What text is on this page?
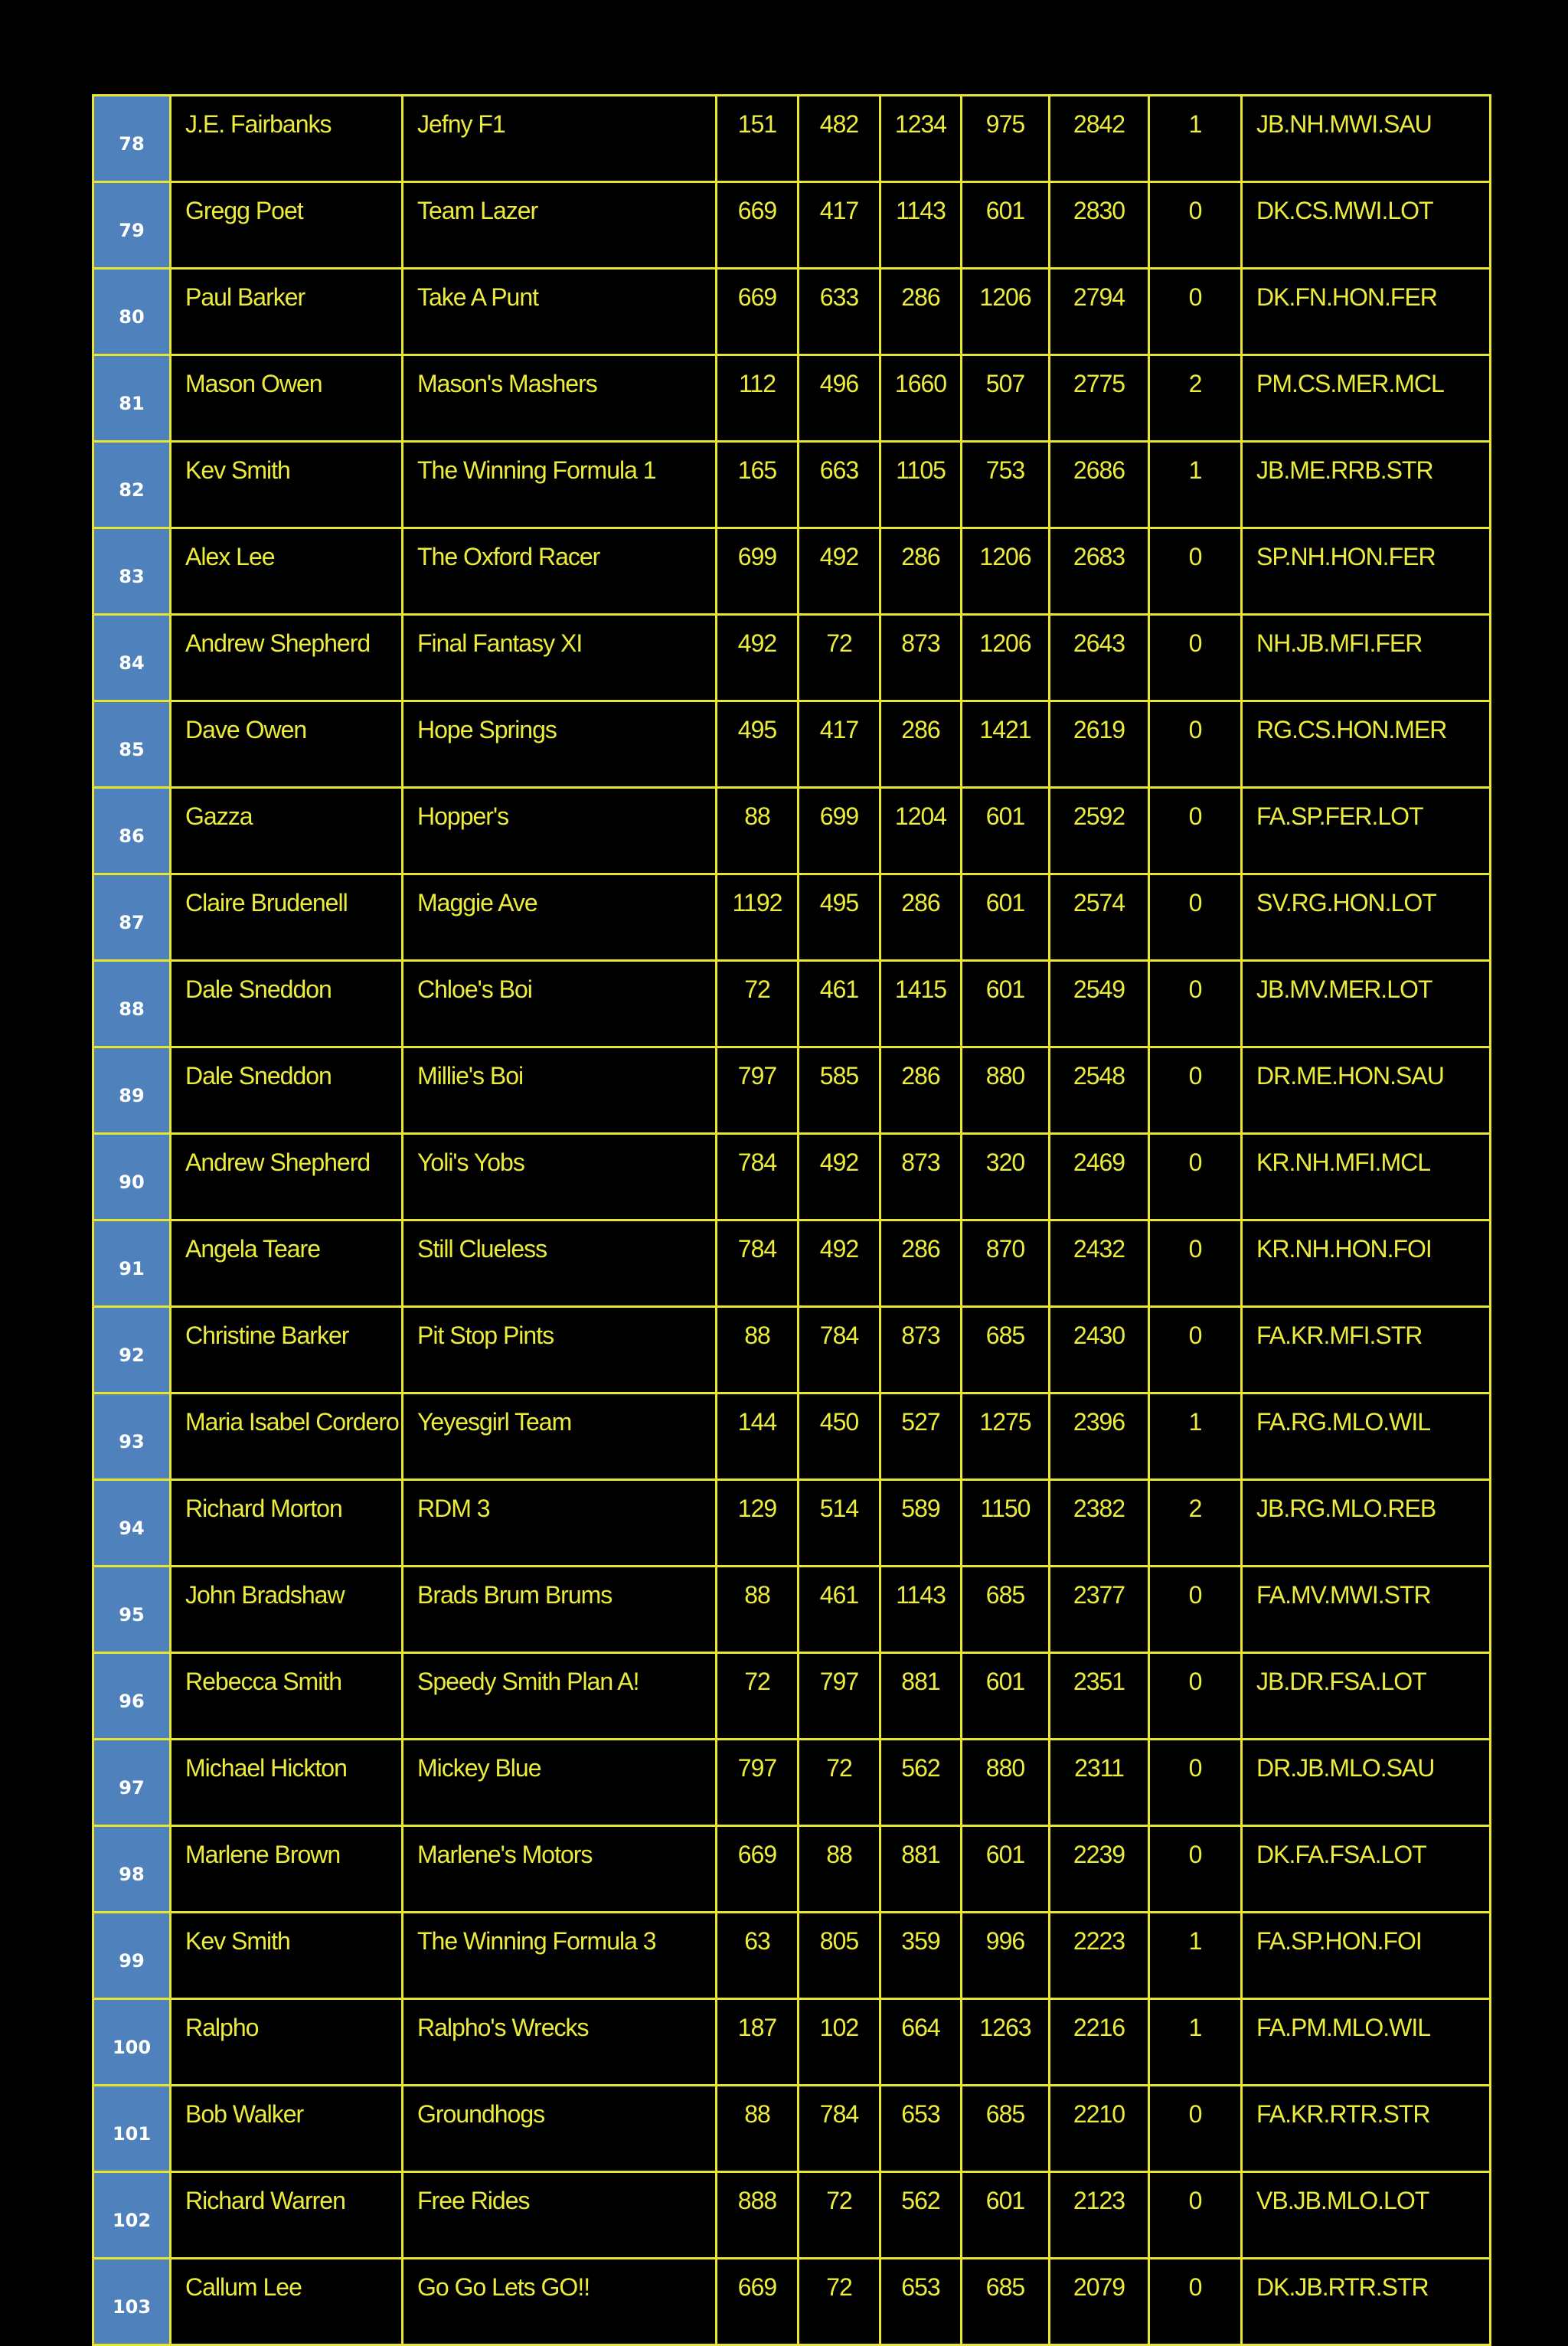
78	J.E. Fairbanks	Jefny F1	151	482	1234	975	2842	1	JB.NH.MWI.SAU
79	Gregg Poet	Team Lazer	669	417	1143	601	2830	0	DK.CS.MWI.LOT
80	Paul Barker	Take A Punt	669	633	286	1206	2794	0	DK.FN.HON.FER
81	Mason Owen	Mason's Mashers	112	496	1660	507	2775	2	PM.CS.MER.MCL
82	Kev Smith	The Winning Formula 1	165	663	1105	753	2686	1	JB.ME.RRB.STR
83	Alex Lee	The Oxford Racer	699	492	286	1206	2683	0	SP.NH.HON.FER
84	Andrew Shepherd	Final Fantasy XI	492	72	873	1206	2643	0	NH.JB.MFI.FER
85	Dave Owen	Hope Springs	495	417	286	1421	2619	0	RG.CS.HON.MER
86	Gazza	Hopper's	88	699	1204	601	2592	0	FA.SP.FER.LOT
87	Claire Brudenell	Maggie Ave	1192	495	286	601	2574	0	SV.RG.HON.LOT
88	Dale Sneddon	Chloe's Boi	72	461	1415	601	2549	0	JB.MV.MER.LOT
89	Dale Sneddon	Millie's Boi	797	585	286	880	2548	0	DR.ME.HON.SAU
90	Andrew Shepherd	Yoli's Yobs	784	492	873	320	2469	0	KR.NH.MFI.MCL
91	Angela Teare	Still Clueless	784	492	286	870	2432	0	KR.NH.HON.FOI
92	Christine Barker	Pit Stop Pints	88	784	873	685	2430	0	FA.KR.MFI.STR
93	Maria Isabel Cordero	Yeyesgirl Team	144	450	527	1275	2396	1	FA.RG.MLO.WIL
94	Richard Morton	RDM 3	129	514	589	1150	2382	2	JB.RG.MLO.REB
95	John Bradshaw	Brads Brum Brums	88	461	1143	685	2377	0	FA.MV.MWI.STR
96	Rebecca Smith	Speedy Smith Plan A!	72	797	881	601	2351	0	JB.DR.FSA.LOT
97	Michael Hickton	Mickey Blue	797	72	562	880	2311	0	DR.JB.MLO.SAU
98	Marlene Brown	Marlene's Motors	669	88	881	601	2239	0	DK.FA.FSA.LOT
99	Kev Smith	The Winning Formula 3	63	805	359	996	2223	1	FA.SP.HON.FOI
100	Ralpho	Ralpho's Wrecks	187	102	664	1263	2216	1	FA.PM.MLO.WIL
101	Bob Walker	Groundhogs	88	784	653	685	2210	0	FA.KR.RTR.STR
102	Richard Warren	Free Rides	888	72	562	601	2123	0	VB.JB.MLO.LOT
103	Callum Lee	Go Go Lets GO!!	669	72	653	685	2079	0	DK.JB.RTR.STR
